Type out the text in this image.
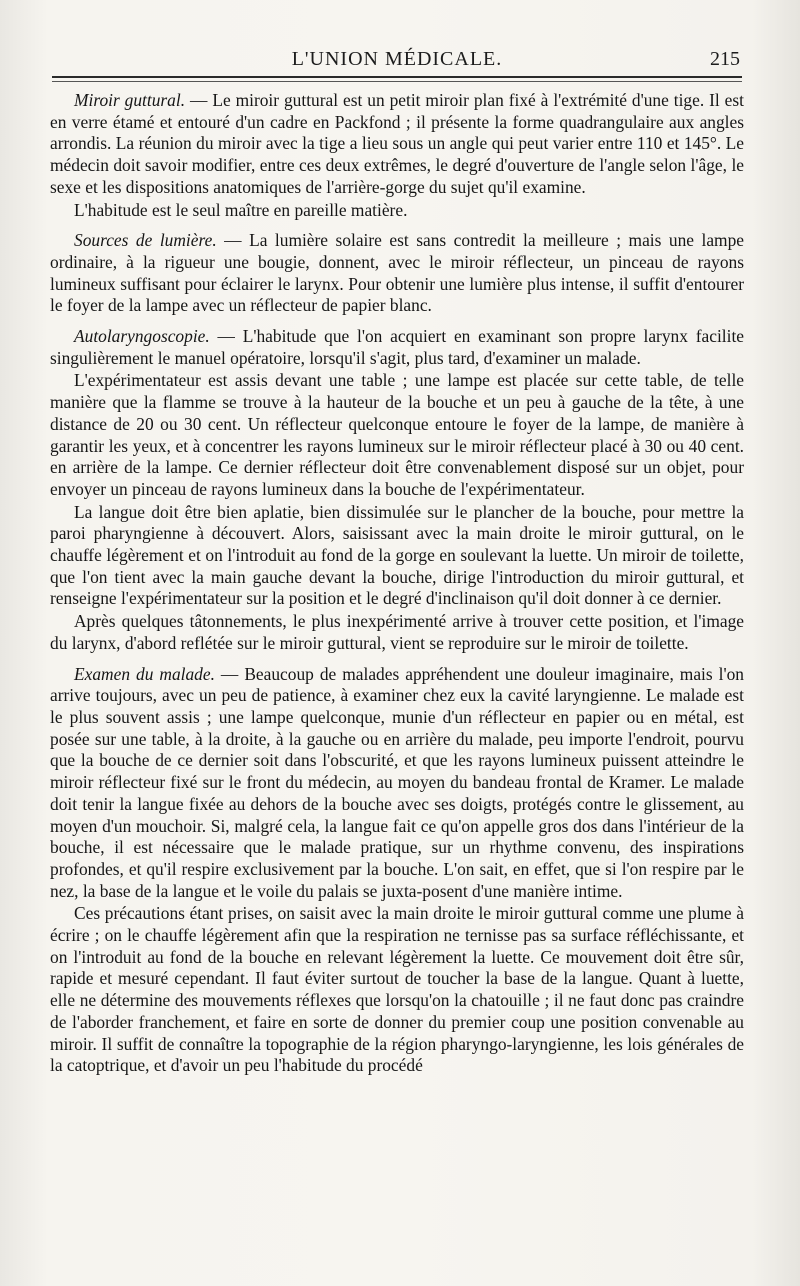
L'UNION MÉDICALE.	215

Miroir guttural. — Le miroir guttural est un petit miroir plan fixé à l'extrémité d'une tige. Il est en verre étamé et entouré d'un cadre en Packfond ; il présente la forme quadrangulaire aux angles arrondis. La réunion du miroir avec la tige a lieu sous un angle qui peut varier entre 110 et 145°. Le médecin doit savoir modifier, entre ces deux extrêmes, le degré d'ouverture de l'angle selon l'âge, le sexe et les dispositions anatomiques de l'arrière-gorge du sujet qu'il examine.

L'habitude est le seul maître en pareille matière.

Sources de lumière. — La lumière solaire est sans contredit la meilleure ; mais une lampe ordinaire, à la rigueur une bougie, donnent, avec le miroir réflecteur, un pinceau de rayons lumineux suffisant pour éclairer le larynx. Pour obtenir une lumière plus intense, il suffit d'entourer le foyer de la lampe avec un réflecteur de papier blanc.

Autolaryngoscopie. — L'habitude que l'on acquiert en examinant son propre larynx facilite singulièrement le manuel opératoire, lorsqu'il s'agit, plus tard, d'examiner un malade.

L'expérimentateur est assis devant une table ; une lampe est placée sur cette table, de telle manière que la flamme se trouve à la hauteur de la bouche et un peu à gauche de la tête, à une distance de 20 ou 30 cent. Un réflecteur quelconque entoure le foyer de la lampe, de manière à garantir les yeux, et à concentrer les rayons lumineux sur le miroir réflecteur placé à 30 ou 40 cent. en arrière de la lampe. Ce dernier réflecteur doit être convenablement disposé sur un objet, pour envoyer un pinceau de rayons lumineux dans la bouche de l'expérimentateur.

La langue doit être bien aplatie, bien dissimulée sur le plancher de la bouche, pour mettre la paroi pharyngienne à découvert. Alors, saisissant avec la main droite le miroir guttural, on le chauffe légèrement et on l'introduit au fond de la gorge en soulevant la luette. Un miroir de toilette, que l'on tient avec la main gauche devant la bouche, dirige l'introduction du miroir guttural, et renseigne l'expérimentateur sur la position et le degré d'inclinaison qu'il doit donner à ce dernier.

Après quelques tâtonnements, le plus inexpérimenté arrive à trouver cette position, et l'image du larynx, d'abord reflétée sur le miroir guttural, vient se reproduire sur le miroir de toilette.

Examen du malade. — Beaucoup de malades appréhendent une douleur imaginaire, mais l'on arrive toujours, avec un peu de patience, à examiner chez eux la cavité laryngienne. Le malade est le plus souvent assis ; une lampe quelconque, munie d'un réflecteur en papier ou en métal, est posée sur une table, à la droite, à la gauche ou en arrière du malade, peu importe l'endroit, pourvu que la bouche de ce dernier soit dans l'obscurité, et que les rayons lumineux puissent atteindre le miroir réflecteur fixé sur le front du médecin, au moyen du bandeau frontal de Kramer. Le malade doit tenir la langue fixée au dehors de la bouche avec ses doigts, protégés contre le glissement, au moyen d'un mouchoir. Si, malgré cela, la langue fait ce qu'on appelle gros dos dans l'intérieur de la bouche, il est nécessaire que le malade pratique, sur un rhythme convenu, des inspirations profondes, et qu'il respire exclusivement par la bouche. L'on sait, en effet, que si l'on respire par le nez, la base de la langue et le voile du palais se juxta-posent d'une manière intime.

Ces précautions étant prises, on saisit avec la main droite le miroir guttural comme une plume à écrire ; on le chauffe légèrement afin que la respiration ne ternisse pas sa surface réfléchissante, et on l'introduit au fond de la bouche en relevant légèrement la luette. Ce mouvement doit être sûr, rapide et mesuré cependant. Il faut éviter surtout de toucher la base de la langue. Quant à luette, elle ne détermine des mouvements réflexes que lorsqu'on la chatouille ; il ne faut donc pas craindre de l'aborder franchement, et faire en sorte de donner du premier coup une position convenable au miroir. Il suffit de connaître la topographie de la région pharyngo-laryngienne, les lois générales de la catoptrique, et d'avoir un peu l'habitude du procédé
